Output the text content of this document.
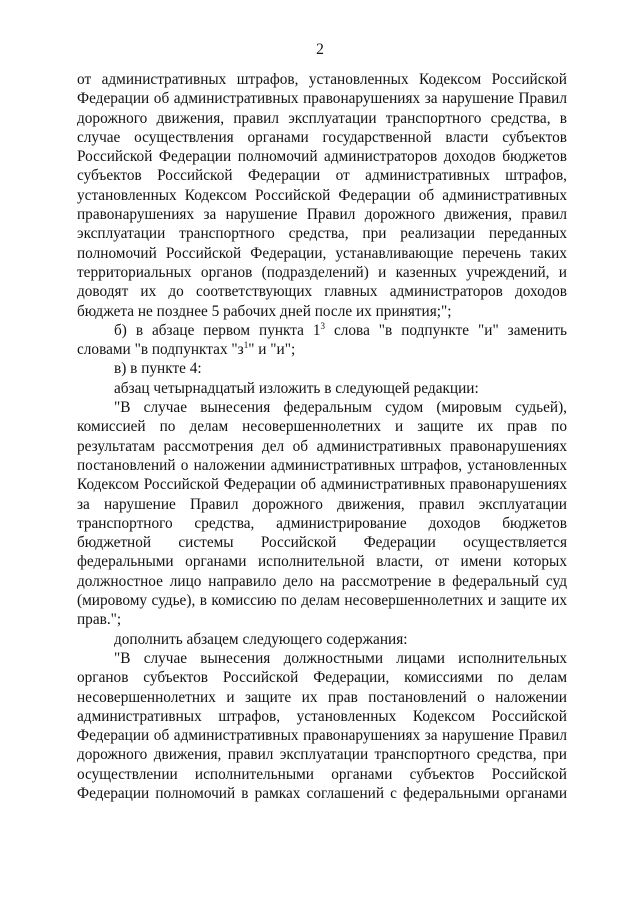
2

от административных штрафов, установленных Кодексом Российской Федерации об административных правонарушениях за нарушение Правил дорожного движения, правил эксплуатации транспортного средства, в случае осуществления органами государственной власти субъектов Российской Федерации полномочий администраторов доходов бюджетов субъектов Российской Федерации от административных штрафов, установленных Кодексом Российской Федерации об административных правонарушениях за нарушение Правил дорожного движения, правил эксплуатации транспортного средства, при реализации переданных полномочий Российской Федерации, устанавливающие перечень таких территориальных органов (подразделений) и казенных учреждений, и доводят их до соответствующих главных администраторов доходов бюджета не позднее 5 рабочих дней после их принятия;";

б) в абзаце первом пункта $1^3$ слова "в подпункте "и" заменить словами "в подпунктах "$з^1$" и "и";

в) в пункте 4:

абзац четырнадцатый изложить в следующей редакции:

"В случае вынесения федеральным судом (мировым судьей), комиссией по делам несовершеннолетних и защите их прав по результатам рассмотрения дел об административных правонарушениях постановлений о наложении административных штрафов, установленных Кодексом Российской Федерации об административных правонарушениях за нарушение Правил дорожного движения, правил эксплуатации транспортного средства, администрирование доходов бюджетов бюджетной системы Российской Федерации осуществляется федеральными органами исполнительной власти, от имени которых должностное лицо направило дело на рассмотрение в федеральный суд (мировому судье), в комиссию по делам несовершеннолетних и защите их прав.";

дополнить абзацем следующего содержания:

"В случае вынесения должностными лицами исполнительных органов субъектов Российской Федерации, комиссиями по делам несовершеннолетних и защите их прав постановлений о наложении административных штрафов, установленных Кодексом Российской Федерации об административных правонарушениях за нарушение Правил дорожного движения, правил эксплуатации транспортного средства, при осуществлении исполнительными органами субъектов Российской Федерации полномочий в рамках соглашений с федеральными органами
